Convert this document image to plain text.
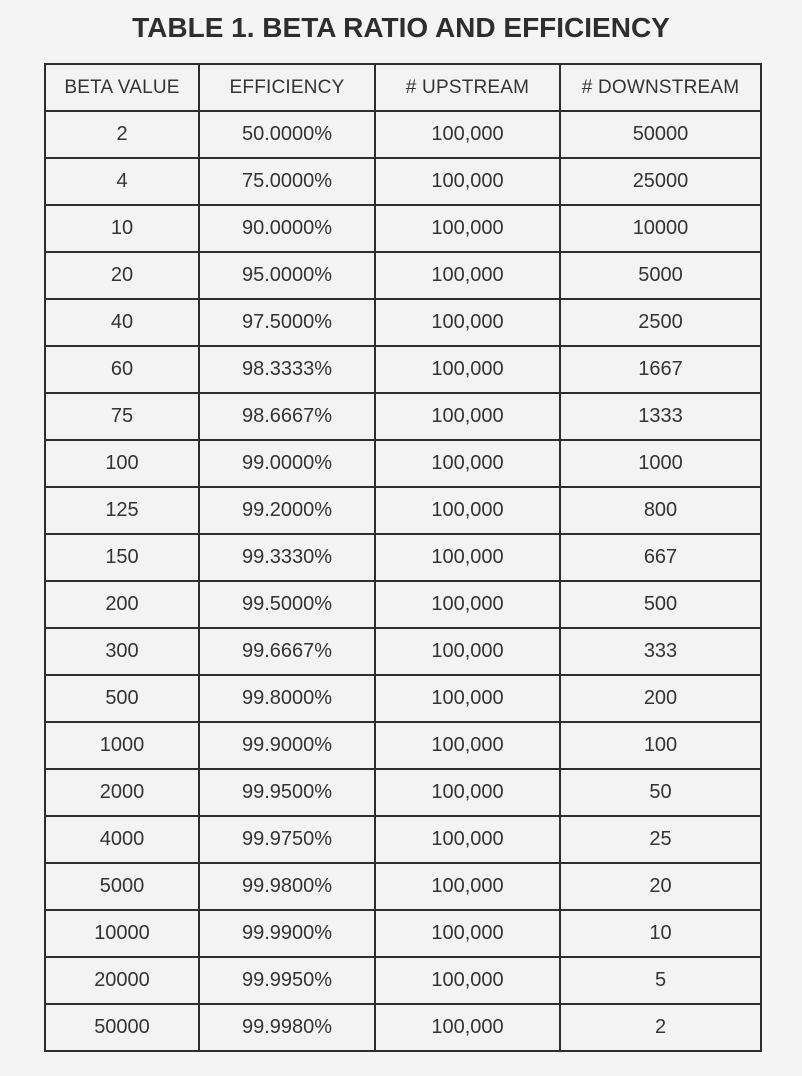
TABLE 1. BETA RATIO AND EFFICIENCY
BETA VALUE	EFFICIENCY	# UPSTREAM	# DOWNSTREAM
2	50.0000%	100,000	50000
4	75.0000%	100,000	25000
10	90.0000%	100,000	10000
20	95.0000%	100,000	5000
40	97.5000%	100,000	2500
60	98.3333%	100,000	1667
75	98.6667%	100,000	1333
100	99.0000%	100,000	1000
125	99.2000%	100,000	800
150	99.3330%	100,000	667
200	99.5000%	100,000	500
300	99.6667%	100,000	333
500	99.8000%	100,000	200
1000	99.9000%	100,000	100
2000	99.9500%	100,000	50
4000	99.9750%	100,000	25
5000	99.9800%	100,000	20
10000	99.9900%	100,000	10
20000	99.9950%	100,000	5
50000	99.9980%	100,000	2
